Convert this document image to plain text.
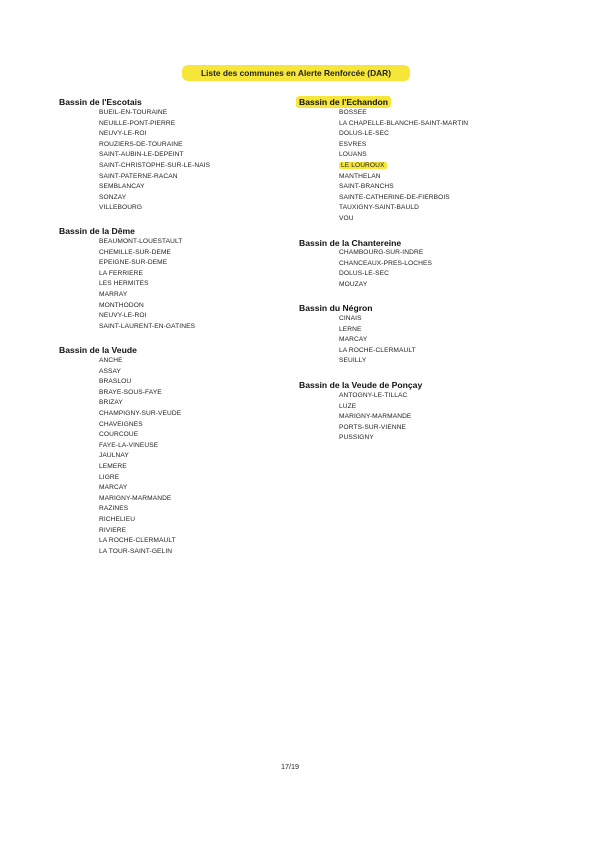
Liste des communes en Alerte Renforcée (DAR)
Bassin de l'Escotais
BUEIL-EN-TOURAINE
NEUILLE-PONT-PIERRE
NEUVY-LE-ROI
ROUZIERS-DE-TOURAINE
SAINT-AUBIN-LE-DEPEINT
SAINT-CHRISTOPHE-SUR-LE-NAIS
SAINT-PATERNE-RACAN
SEMBLANCAY
SONZAY
VILLEBOURG
Bassin de la Dême
BEAUMONT-LOUESTAULT
CHEMILLE-SUR-DEME
EPEIGNE-SUR-DEME
LA FERRIERE
LES HERMITES
MARRAY
MONTHODON
NEUVY-LE-ROI
SAINT-LAURENT-EN-GATINES
Bassin de la Veude
ANCHE
ASSAY
BRASLOU
BRAYE-SOUS-FAYE
BRIZAY
CHAMPIGNY-SUR-VEUDE
CHAVEIGNES
COURCOUE
FAYE-LA-VINEUSE
JAULNAY
LEMERE
LIGRE
MARCAY
MARIGNY-MARMANDE
RAZINES
RICHELIEU
RIVIERE
LA ROCHE-CLERMAULT
LA TOUR-SAINT-GELIN
Bassin de l'Echandon
BOSSEE
LA CHAPELLE-BLANCHE-SAINT-MARTIN
DOLUS-LE-SEC
ESVRES
LOUANS
LE LOUROUX
MANTHELAN
SAINT-BRANCHS
SAINTE-CATHERINE-DE-FIERBOIS
TAUXIGNY-SAINT-BAULD
VOU
Bassin de la Chantereine
CHAMBOURG-SUR-INDRE
CHANCEAUX-PRES-LOCHES
DOLUS-LE-SEC
MOUZAY
Bassin du Négron
CINAIS
LERNE
MARCAY
LA ROCHE-CLERMAULT
SEUILLY
Bassin de la Veude de Ponçay
ANTOGNY-LE-TILLAC
LUZE
MARIGNY-MARMANDE
PORTS-SUR-VIENNE
PUSSIGNY
17/19
